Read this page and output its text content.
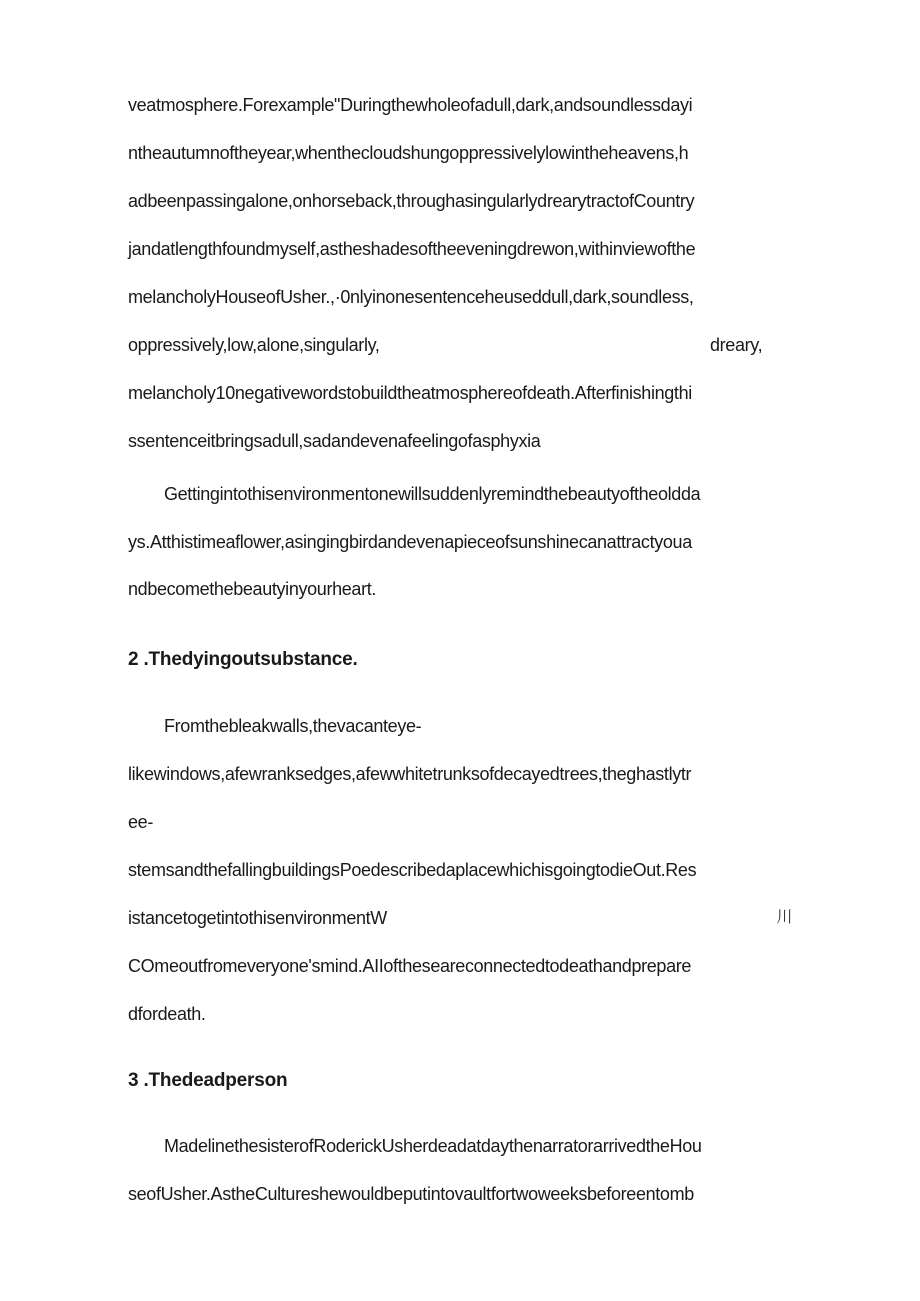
veatmosphere.Forexample"Duringthewholeofadull,dark,andsoundlessdayi
ntheautumnoftheyear,whenthecloudshungoppressivelylowintheheavens,h
adbeenpassingalone,onhorseback,throughasingularlydrearytractofCountry
jandatlengthfoundmyself,astheshadesoftheeveningdrewon,withinviewofthe
melancholyHouseofUsher.,·0nlyinonesentenceheuseddull,dark,soundless,
oppressively,low,alone,singularly,	dreary,
melancholy10negativewordstobuildtheatmosphereofdeath.Afterfinishingthi
ssentenceitbringsadull,sadandevenafeelingofasphyxia
Gettingintothisenvironmentonewillsuddenlyremindthebeautyoftheoldda
ys.Atthistimeaflower,asingingbirdandevenapieceofsunshinecanattractyoua
ndbecomethebeautyinyourheart.
2 .Thedyingoutsubstance.
Fromthebleakwalls,thevacanteye-
likewindows,afewranksedges,afewwhitetrunksofdecayedtrees,theghastlytr
ee-
stemsandthefallingbuildingsPoedescribedaplacewhichisgoingtodieOut.Res
istancetogetintothisenvironmentW	川
COmeoutfromeveryone'smind.AIIoftheseareconnectedtodeathandprepare
dfordeath.
3 .Thedeadperson
MadelinethesisterofRoderickUsherdeadatdaythenarratorarrivedtheHou
seofUsher.AstheCultureshewouldbeputintovaultfortwoweeksbeforeentomb
